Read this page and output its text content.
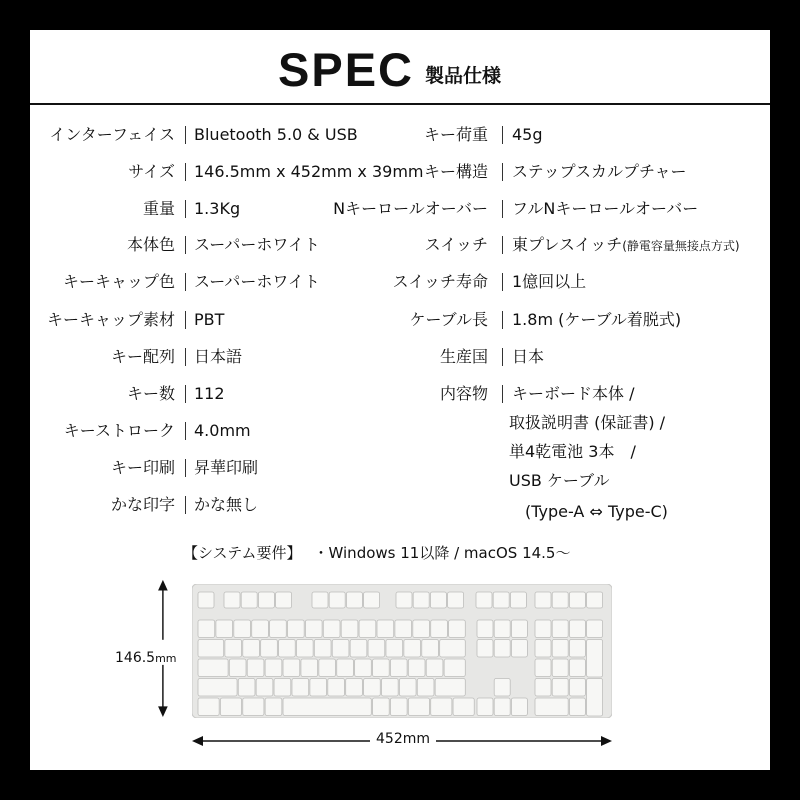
SPEC 製品仕様
インターフェイス Bluetooth 5.0 & USB
サイズ 146.5mm x 452mm x 39mm
重量 1.3Kg
本体色 スーパーホワイト
キーキャップ色 スーパーホワイト
キーキャップ素材 PBT
キー配列 日本語
キー数 112
キーストローク 4.0mm
キー印刷 昇華印刷
かな印字 かな無し
キー荷重 45g
キー構造 ステップスカルプチャー
Nキーロールオーバー フルNキーロールオーバー
スイッチ 東プレスイッチ(静電容量無接点方式)
スイッチ寿命 1億回以上
ケーブル長 1.8m (ケーブル着脱式)
生産国 日本
内容物 キーボード本体 /
取扱説明書 (保証書) /
単4乾電池 3本　/
USB ケーブル
　(Type-A ⇔ Type-C)
【システム要件】 ・Windows 11以降 / macOS 14.5～
146.5mm
452mm
